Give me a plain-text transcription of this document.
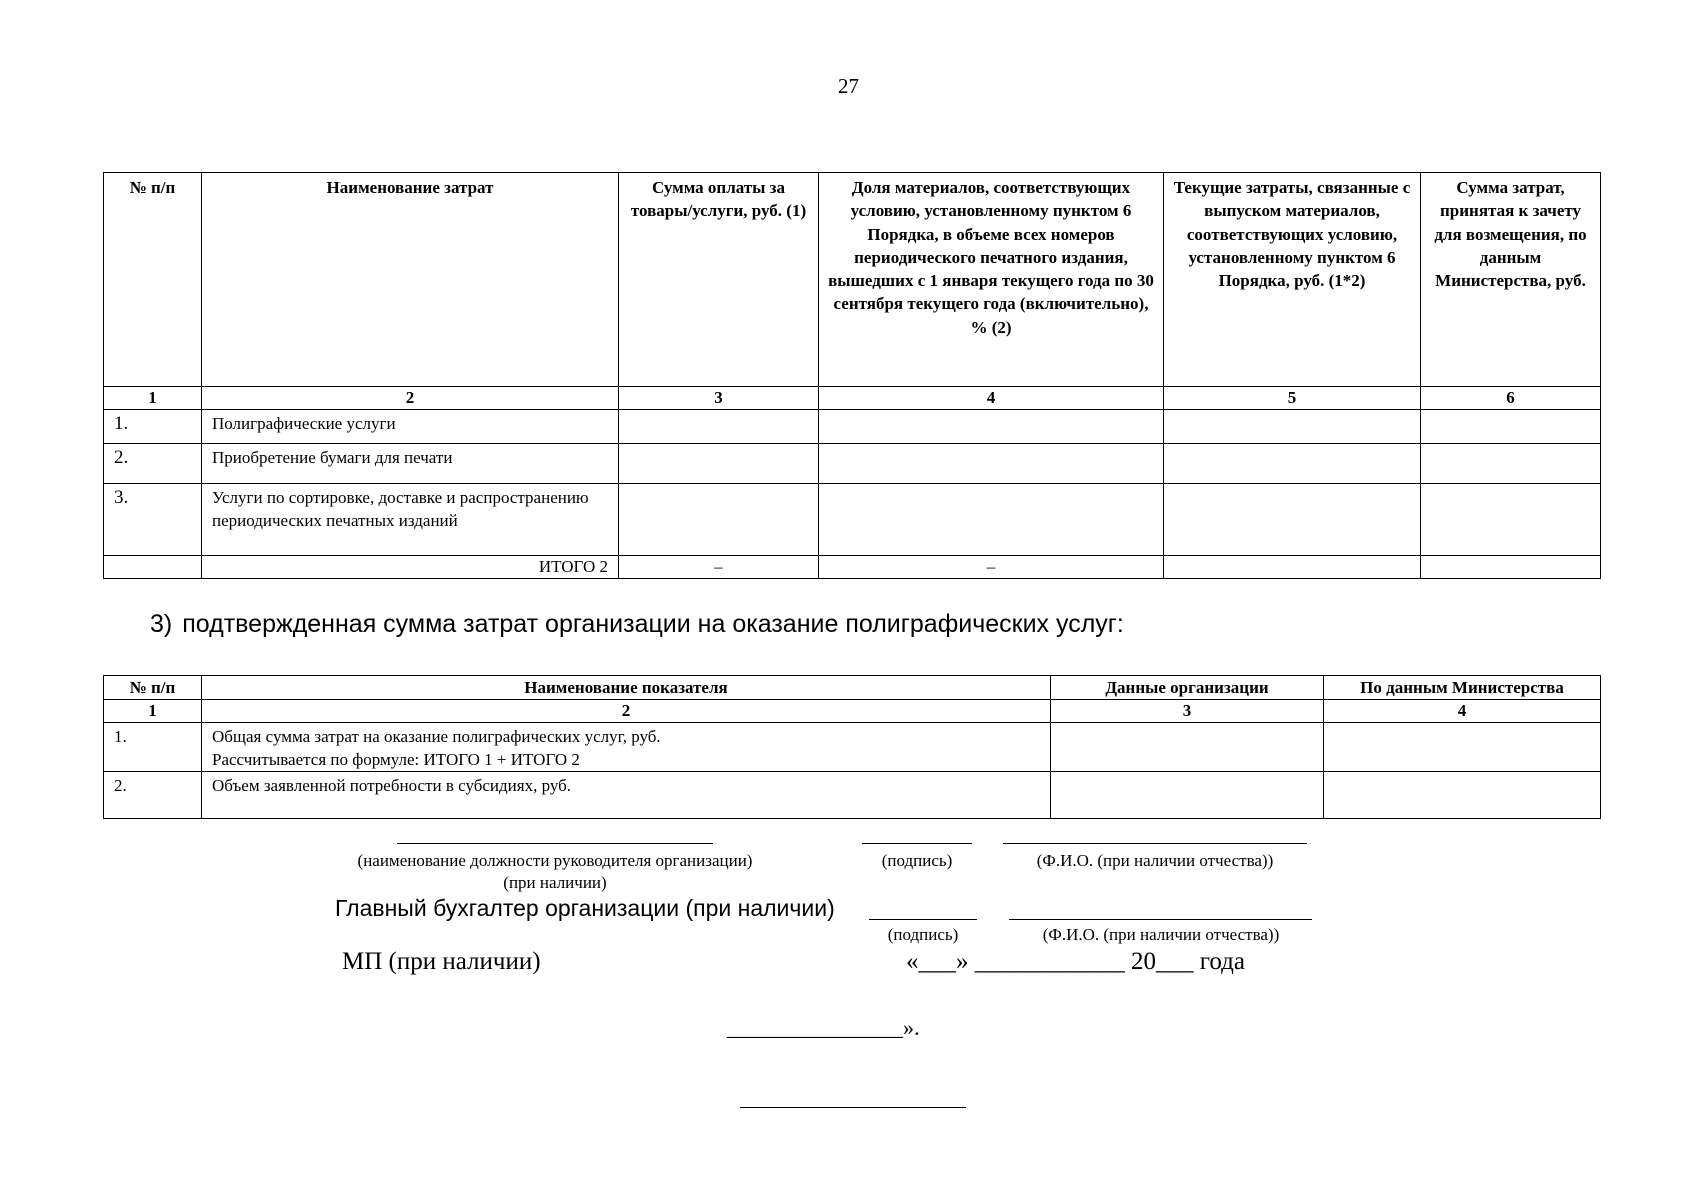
27
№ п/п	Наименование затрат	Сумма оплаты за товары/услуги, руб. (1)	Доля материалов, соответствующих условию, установленному пунктом 6 Порядка, в объеме всех номеров периодического печатного издания, вышедших с 1 января текущего года по 30 сентября текущего года (включительно), % (2)	Текущие затраты, связанные с выпуском материалов, соответствующих условию, установленному пунктом 6 Порядка, руб. (1*2)	Сумма затрат, принятая к зачету для возмещения, по данным Министерства, руб.
1	2	3	4	5	6
1.	Полиграфические услуги				
2.	Приобретение бумаги для печати				
3.	Услуги по сортировке, доставке и распространению периодических печатных изданий				
	ИТОГО 2	–	–		
3) подтвержденная сумма затрат организации на оказание полиграфических услуг:
№ п/п	Наименование показателя	Данные организации	По данным Министерства
1	2	3	4
1.	Общая сумма затрат на оказание полиграфических услуг, руб.
Рассчитывается по формуле: ИТОГО 1 + ИТОГО 2		

2.	Объем заявленной потребности в субсидиях, руб.		
(наименование должности руководителя организации)
(при наличии)
(подпись)	(Ф.И.О. (при наличии отчества))
Главный бухгалтер организации (при наличии)
(подпись)	(Ф.И.О. (при наличии отчества))
МП (при наличии)	«___» ____________ 20___ года
________________».
